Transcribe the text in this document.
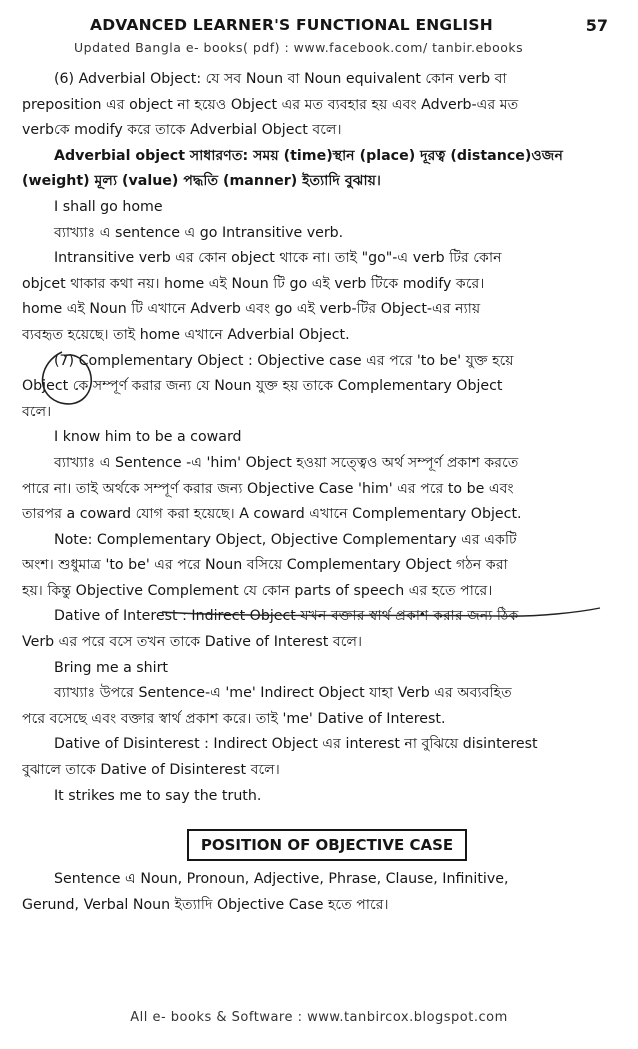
ADVANCED LEARNER'S FUNCTIONAL ENGLISH	57
Updated Bangla e- books( pdf) : www.facebook.com/ tanbir.ebooks
(6) Adverbial Object: যে সব Noun বা Noun equivalent কোন verb বা
preposition এর object না হয়েও Object এর মত ব্যবহার হয় এবং Adverb-এর মত
verbকে modify করে তাকে Adverbial Object বলে।
Adverbial object সাধারণত: সময় (time)স্থান (place) দূরত্ব (distance)ওজন
(weight) মূল্য (value) পদ্ধতি (manner) ইত্যাদি বুঝায়।
I shall go home
ব্যাখ্যাঃ এ sentence এ go Intransitive verb.
Intransitive verb এর কোন object থাকে না। তাই "go"-এ verb টির কোন
objcet থাকার কথা নয়। home এই Noun টি go এই verb টিকে modify করে।
home এই Noun টি এখানে Adverb এবং go এই verb-টির Object-এর ন্যায়
ব্যবহৃত হয়েছে। তাই home এখানে Adverbial Object.
(7) Complementary Object : Objective case এর পরে 'to be' যুক্ত হয়ে
Object কে সম্পূর্ণ করার জন্য যে Noun যুক্ত হয় তাকে Complementary Object
বলে।
I know him to be a coward
ব্যাখ্যাঃ এ Sentence -এ 'him' Object হওয়া সত্ত্বেও অর্থ সম্পূর্ণ প্রকাশ করতে
পারে না। তাই অর্থকে সম্পূর্ণ করার জন্য Objective Case 'him' এর পরে to be এবং
তারপর a coward যোগ করা হয়েছে। A coward এখানে Complementary Object.
Note: Complementary Object, Objective Complementary এর একটি
অংশ। শুধুমাত্র 'to be' এর পরে Noun বসিয়ে Complementary Object গঠন করা
হয়। কিন্তু Objective Complement যে কোন parts of speech এর হতে পারে।
Dative of Interest : Indirect Object যখন বক্তার স্বার্থ প্রকাশ করার জন্য ঠিক
Verb এর পরে বসে তখন তাকে Dative of Interest বলে।
Bring me a shirt
ব্যাখ্যাঃ উপরে Sentence-এ 'me' Indirect Object যাহা Verb এর অব্যবহিত
পরে বসেছে এবং বক্তার স্বার্থ প্রকাশ করে। তাই 'me' Dative of Interest.
Dative of Disinterest : Indirect Object এর interest না বুঝিয়ে disinterest
বুঝালে তাকে Dative of Disinterest বলে।
It strikes me to say the truth.
POSITION OF OBJECTIVE CASE
Sentence এ Noun, Pronoun, Adjective, Phrase, Clause, Infinitive,
Gerund, Verbal Noun ইত্যাদি Objective Case হতে পারে।
All e- books & Software : www.tanbircox.blogspot.com
